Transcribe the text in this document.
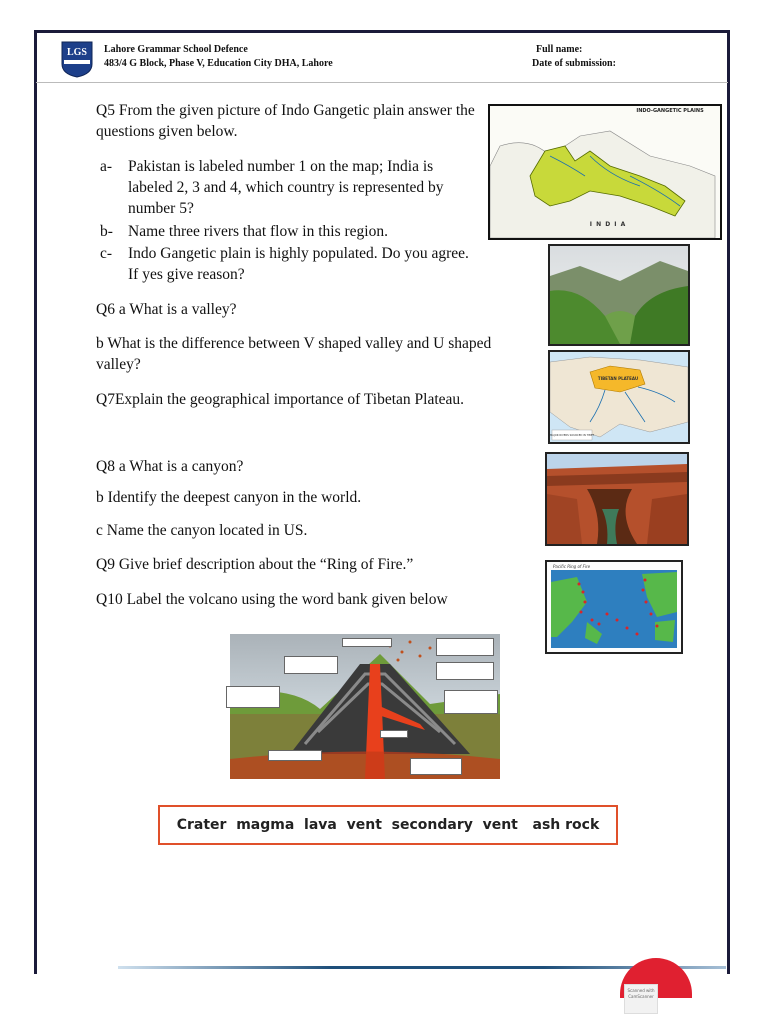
LGS Lahore Grammar School Defence
483/4 G Block, Phase V, Education City DHA, Lahore
Full name:
Date of submission:
Q5 From the given picture of Indo Gangetic plain answer the questions given below.
a- Pakistan is labeled number 1 on the map; India is labeled 2, 3 and 4, which country is represented by number 5?
b- Name three rivers that flow in this region.
c- Indo Gangetic plain is highly populated. Do you agree. If yes give reason?
INDO-GANGETIC PLAINS
I N D I A
Q6 a What is a valley?
b What is the difference between V shaped valley and U shaped valley?
Q7Explain the geographical importance of Tibetan Plateau.
TIBETAN PLATEAU
MAJOR RIVERS SOURCED IN TIBET
Q8 a What is a canyon?
b Identify the deepest canyon in the world.
c Name the canyon located in US.
Q9 Give brief description about the “Ring of Fire.”	Pacific Ring of Fire
Q10 Label the volcano using the word bank given below
Crater  magma  lava  vent  secondary  vent   ash rock
Scanned with CamScanner
